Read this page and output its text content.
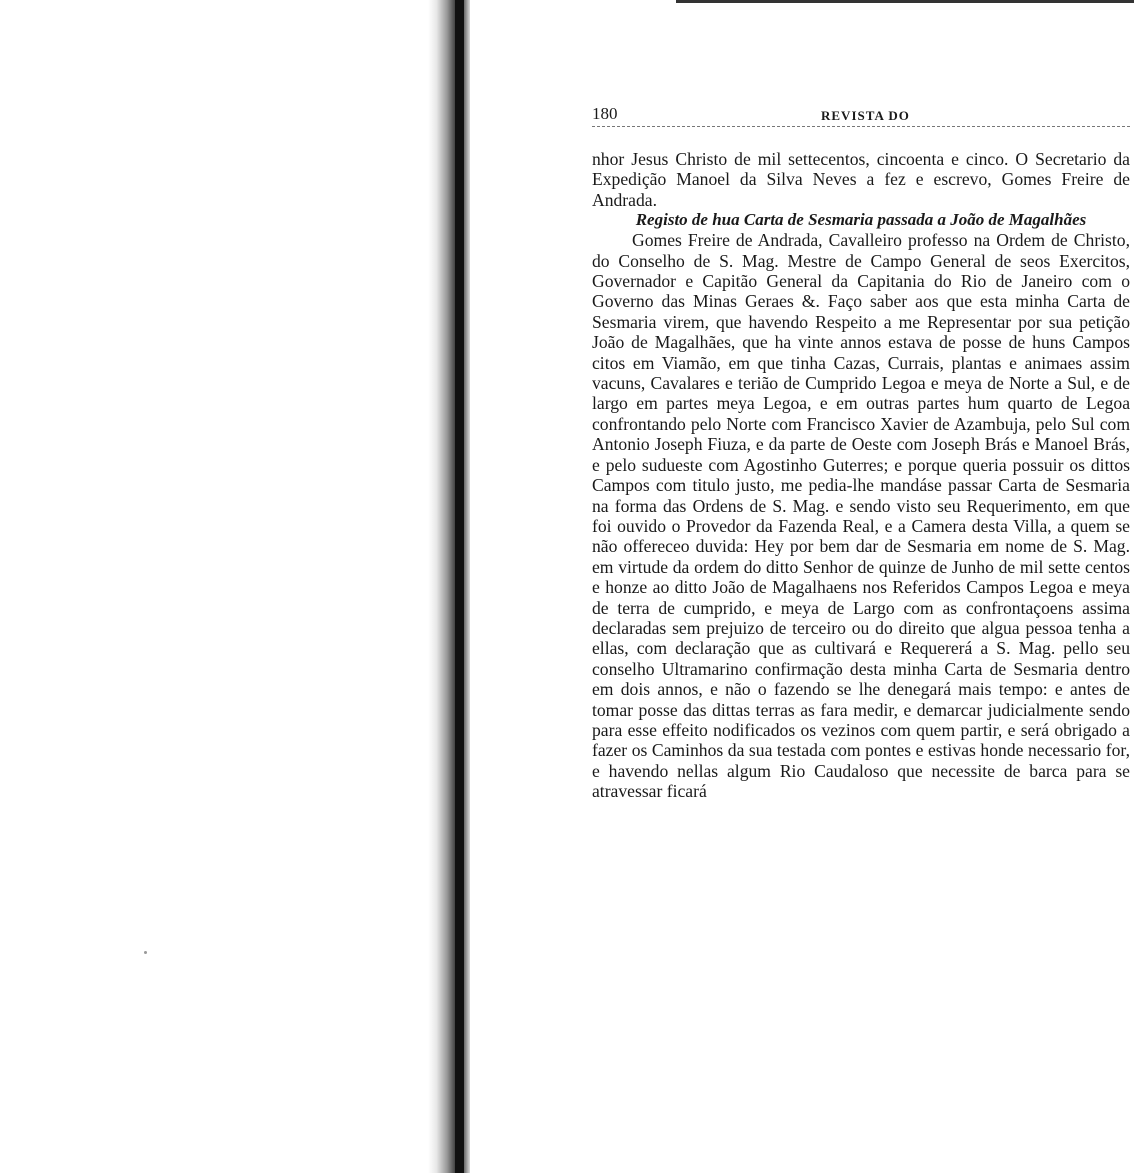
180	REVISTA DO

nhor Jesus Christo de mil settecentos, cincoenta e cinco. O Secretario da Expedição Manoel da Silva Neves a fez e escrevo, Gomes Freire de Andrada.

Registo de hua Carta de Sesmaria passada a João de Magalhães

Gomes Freire de Andrada, Cavalleiro professo na Ordem de Christo, do Conselho de S. Mag. Mestre de Campo General de seos Exercitos, Governador e Capitão General da Capitania do Rio de Janeiro com o Governo das Minas Geraes &. Faço saber aos que esta minha Carta de Sesmaria virem, que havendo Respeito a me Representar por sua petição João de Magalhães, que ha vinte annos estava de posse de huns Campos citos em Viamão, em que tinha Cazas, Currais, plantas e animaes assim vacuns, Cavalares e terião de Cumprido Legoa e meya de Norte a Sul, e de largo em partes meya Legoa, e em outras partes hum quarto de Legoa confrontando pelo Norte com Francisco Xavier de Azambuja, pelo Sul com Antonio Joseph Fiuza, e da parte de Oeste com Joseph Brás e Manoel Brás, e pelo sudueste com Agostinho Guterres; e porque queria possuir os dittos Campos com titulo justo, me pedia-lhe mandáse passar Carta de Sesmaria na forma das Ordens de S. Mag. e sendo visto seu Requerimento, em que foi ouvido o Provedor da Fazenda Real, e a Camera desta Villa, a quem se não offereceo duvida: Hey por bem dar de Sesmaria em nome de S. Mag. em virtude da ordem do ditto Senhor de quinze de Junho de mil sette centos e honze ao ditto João de Magalhaens nos Referidos Campos Legoa e meya de terra de cumprido, e meya de Largo com as confrontaçoens assima declaradas sem prejuizo de terceiro ou do direito que algua pessoa tenha a ellas, com declaração que as cultivará e Requererá a S. Mag. pello seu conselho Ultramarino confirmação desta minha Carta de Sesmaria dentro em dois annos, e não o fazendo se lhe denegará mais tempo: e antes de tomar posse das dittas terras as fara medir, e demarcar judicialmente sendo para esse effeito nodificados os vezinos com quem partir, e será obrigado a fazer os Caminhos da sua testada com pontes e estivas honde necessario for, e havendo nellas algum Rio Caudaloso que necessite de barca para se atravessar ficará
